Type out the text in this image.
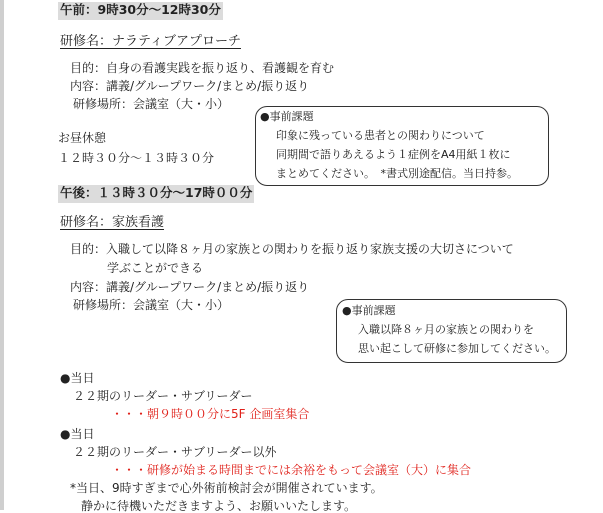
午前：9時30分～12時30分
研修名：ナラティブアプローチ
目的：自身の看護実践を振り返り、看護観を育む
内容：講義/グループワーク/まとめ/振り返り
研修場所：会議室（大・小）
●事前課題
印象に残っている患者との関わりについて
同期間で語りあえるよう１症例をA4用紙１枚に
まとめてください。　*書式別途配信。当日持参。
お昼休憩
１２時３０分～１３時３０分
午後：１３時３０分～17時００分
研修名：家族看護
目的：入職して以降８ヶ月の家族との関わりを振り返り家族支援の大切さについて
学ぶことができる
内容：講義/グループワーク/まとめ/振り返り
研修場所：会議室（大・小）	●事前課題
入職以降８ヶ月の家族との関わりを
思い起こして研修に参加してください。
●当日
２２期のリーダー・サブリーダー
・・・朝９時００分に5F 企画室集合
●当日
２２期のリーダー・サブリーダー以外
・・・研修が始まる時間までには余裕をもって会議室（大）に集合
*当日、9時すぎまで心外術前検討会が開催されています。
静かに待機いただきますよう、お願いいたします。
